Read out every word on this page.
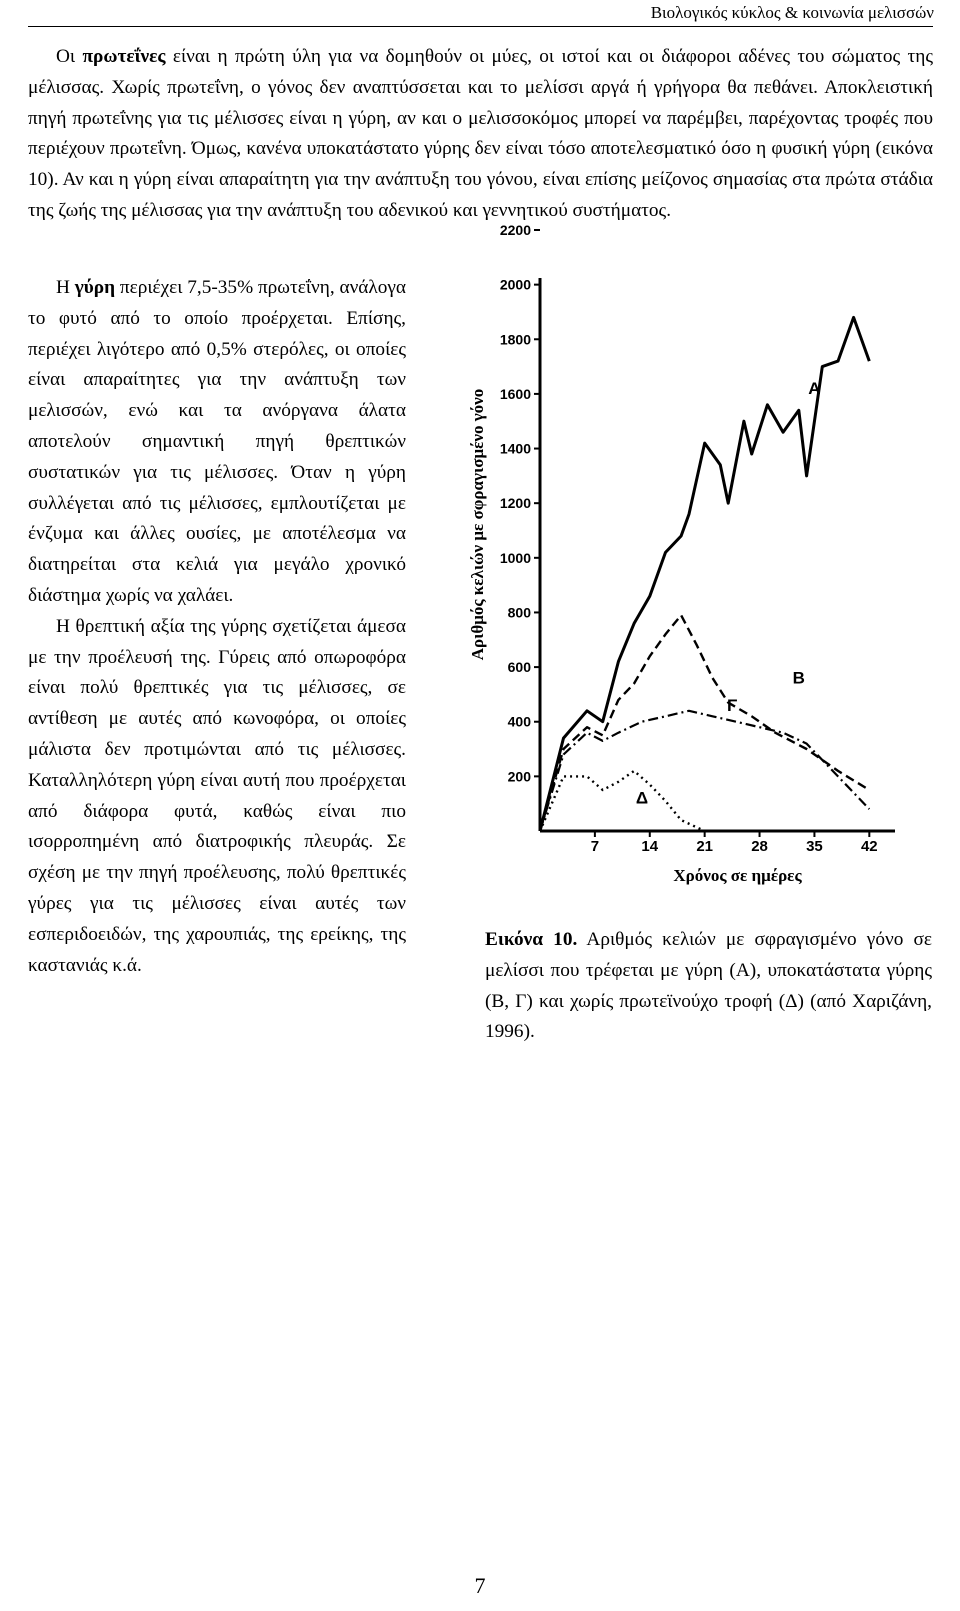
Βιολογικός κύκλος & κοινωνία μελισσών

Οι πρωτεΐνες είναι η πρώτη ύλη για να δομηθούν οι μύες, οι ιστοί και οι διάφοροι αδένες του σώματος της μέλισσας. Χωρίς πρωτεΐνη, ο γόνος δεν αναπτύσσεται και το μελίσσι αργά ή γρήγορα θα πεθάνει. Αποκλειστική πηγή πρωτεΐνης για τις μέλισσες είναι η γύρη, αν και ο μελισσοκόμος μπορεί να παρέμβει, παρέχοντας τροφές που περιέχουν πρωτεΐνη. Όμως, κανένα υποκατάστατο γύρης δεν είναι τόσο αποτελεσματικό όσο η φυσική γύρη (εικόνα 10). Αν και η γύρη είναι απαραίτητη για την ανάπτυξη του γόνου, είναι επίσης μείζονος σημασίας στα πρώτα στάδια της ζωής της μέλισσας για την ανάπτυξη του αδενικού και γεννητικού συστήματος.

Η γύρη περιέχει 7,5-35% πρωτεΐνη, ανάλογα το φυτό από το οποίο προέρχεται. Επίσης, περιέχει λιγότερο από 0,5% στερόλες, οι οποίες είναι απαραίτητες για την ανάπτυξη των μελισσών, ενώ και τα ανόργανα άλατα αποτελούν σημαντική πηγή θρεπτικών συστατικών για τις μέλισσες. Όταν η γύρη συλλέγεται από τις μέλισσες, εμπλουτίζεται με ένζυμα και άλλες ουσίες, με αποτέλεσμα να διατηρείται στα κελιά για μεγάλο χρονικό διάστημα χωρίς να χαλάει.

Η θρεπτική αξία της γύρης σχετίζεται άμεσα με την προέλευσή της. Γύρεις από οπωροφόρα είναι πολύ θρεπτικές για τις μέλισσες, σε αντίθεση με αυτές από κωνοφόρα, οι οποίες μάλιστα δεν προτιμώνται από τις μέλισσες. Καταλληλότερη γύρη είναι αυτή που προέρχεται από διάφορα φυτά, καθώς είναι πιο ισορροπημένη από διατροφικής πλευράς. Σε σχέση με την πηγή προέλευσης, πολύ θρεπτικές γύρες για τις μέλισσες είναι αυτές των εσπεριδοειδών, της χαρουπιάς, της ερείκης, της καστανιάς κ.ά.

200
400
600
800
1000
1200
1400
1600
1800
2000
2200
7	14	21	28	35	42
Αριθμός κελιών με σφραγισμένο γόνο
Χρόνος σε ημέρες
Α
Β
Γ
Δ

Εικόνα 10. Αριθμός κελιών με σφραγισμένο γόνο σε μελίσσι που τρέφεται με γύρη (Α), υποκατάστατα γύρης (Β, Γ) και χωρίς πρωτεϊνούχο τροφή (Δ) (από Χαριζάνη, 1996).

7
